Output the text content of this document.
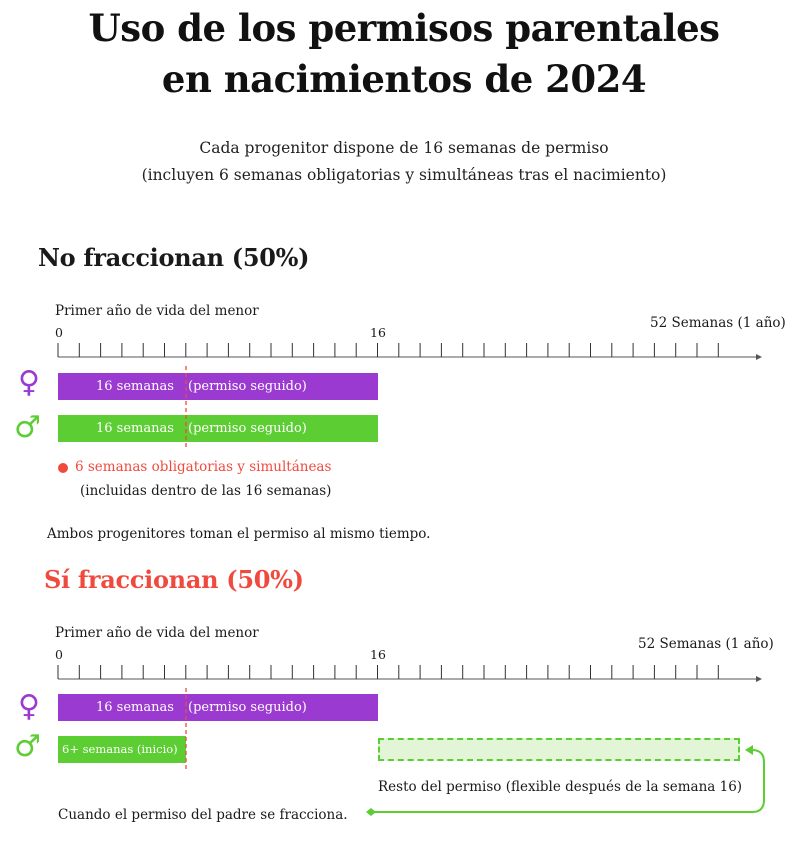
Uso de los permisos parentales
en nacimientos de 2024
Cada progenitor dispone de 16 semanas de permiso
(incluyen 6 semanas obligatorias y simultáneas tras el nacimiento)
No fraccionan (50%)
Primer año de vida del menor
0	16
52 Semanas (1 año)
♀	16 semanas (permiso seguido)
♂	16 semanas (permiso seguido)
6 semanas obligatorias y simultáneas
(incluidas dentro de las 16 semanas)
Ambos progenitores toman el permiso al mismo tiempo.
Sí fraccionan (50%)
Primer año de vida del menor
0	16
52 Semanas (1 año)
♀	16 semanas (permiso seguido)
♂ 6+ semanas (inicio)
Resto del permiso (flexible después de la semana 16)
Cuando el permiso del padre se fracciona.
